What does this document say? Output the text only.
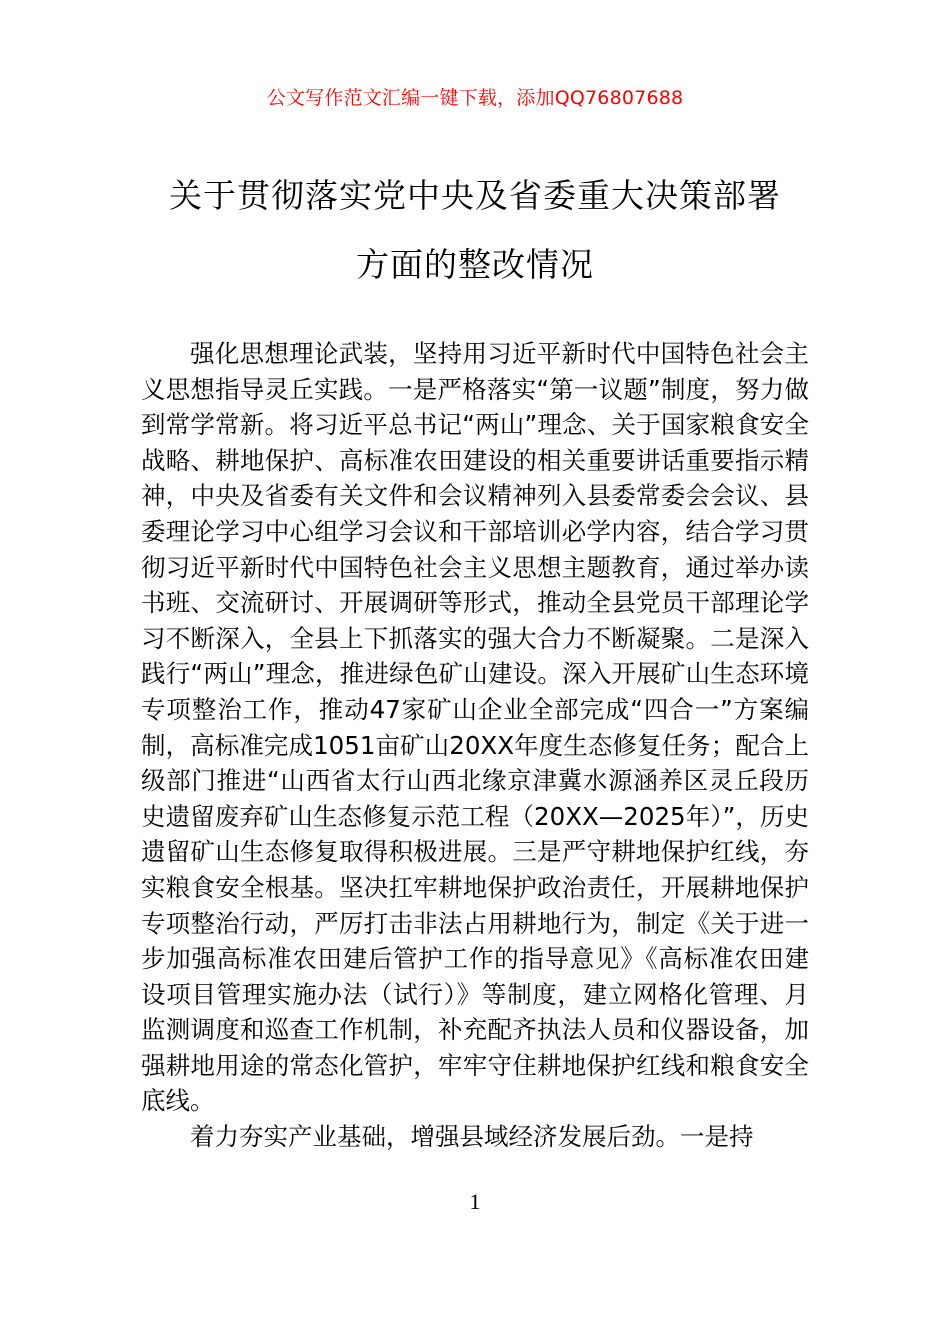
公文写作范文汇编一键下载，添加QQ76807688
关于贯彻落实党中央及省委重大决策部署
方面的整改情况

强化思想理论武装，坚持用习近平新时代中国特色社会主义思想指导灵丘实践。一是严格落实“第一议题”制度，努力做到常学常新。将习近平总书记“两山”理念、关于国家粮食安全战略、耕地保护、高标准农田建设的相关重要讲话重要指示精神，中央及省委有关文件和会议精神列入县委常委会会议、县委理论学习中心组学习会议和干部培训必学内容，结合学习贯彻习近平新时代中国特色社会主义思想主题教育，通过举办读书班、交流研讨、开展调研等形式，推动全县党员干部理论学习不断深入，全县上下抓落实的强大合力不断凝聚。二是深入践行“两山”理念，推进绿色矿山建设。深入开展矿山生态环境专项整治工作，推动47家矿山企业全部完成“四合一”方案编制，高标准完成1051亩矿山20XX年度生态修复任务；配合上级部门推进“山西省太行山西北缘京津冀水源涵养区灵丘段历史遗留废弃矿山生态修复示范工程（20XX—2025年）”，历史遗留矿山生态修复取得积极进展。三是严守耕地保护红线，夯实粮食安全根基。坚决扛牢耕地保护政治责任，开展耕地保护专项整治行动，严厉打击非法占用耕地行为，制定《关于进一步加强高标准农田建后管护工作的指导意见》《高标准农田建设项目管理实施办法（试行）》等制度，建立网格化管理、月监测调度和巡查工作机制，补充配齐执法人员和仪器设备，加强耕地用途的常态化管护，牢牢守住耕地保护红线和粮食安全底线。

着力夯实产业基础，增强县域经济发展后劲。一是持

1
